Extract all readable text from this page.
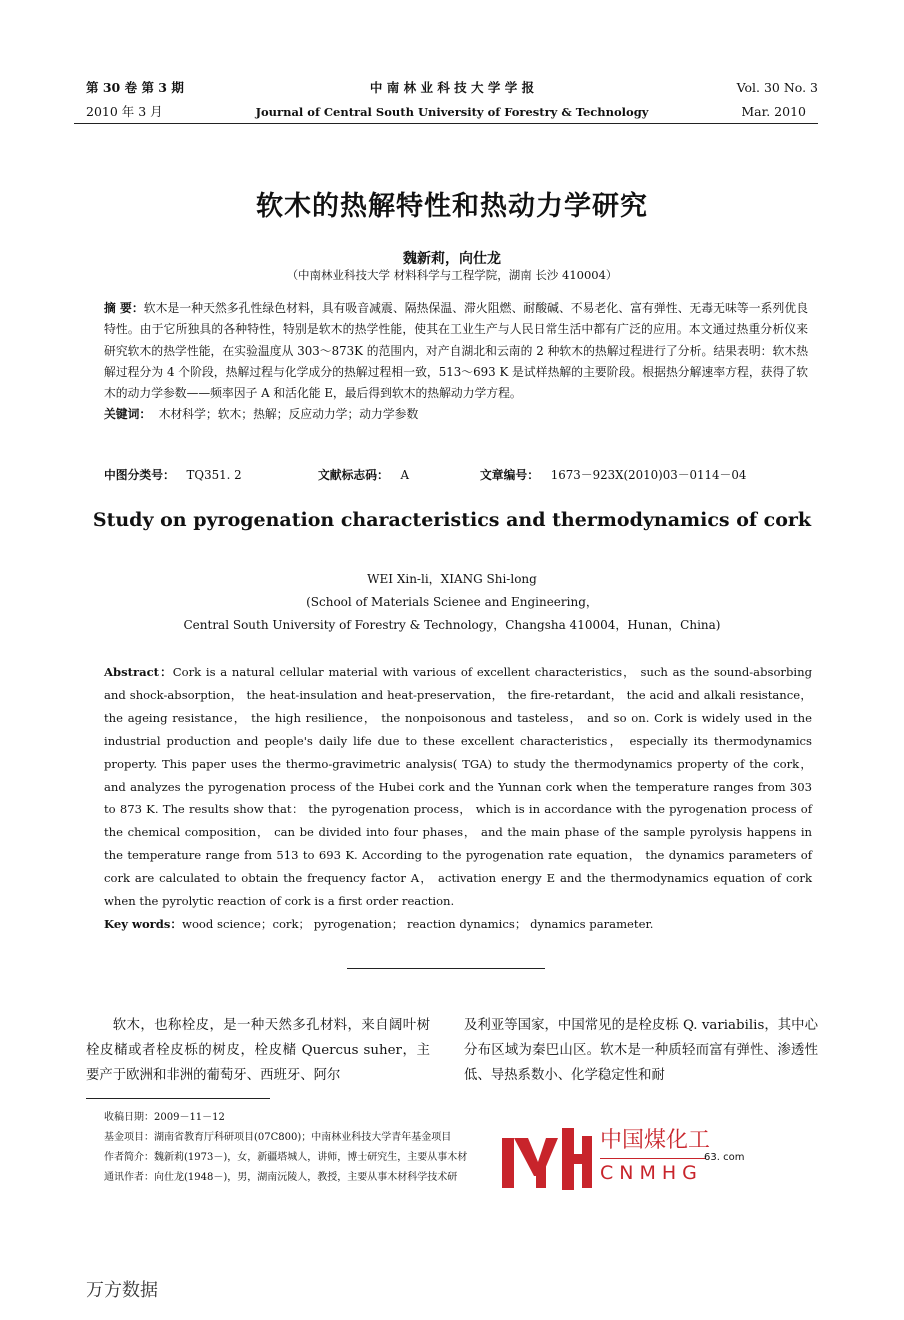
第 30 卷 第 3 期
2010 年 3 月
中 南 林 业 科 技 大 学 学 报
Journal of Central South University of Forestry & Technology
Vol. 30 No. 3
Mar. 2010
软木的热解特性和热动力学研究
魏新莉，向仕龙
（中南林业科技大学 材料科学与工程学院，湖南 长沙 410004）

摘 要：软木是一种天然多孔性绿色材料，具有吸音减震、隔热保温、滞火阻燃、耐酸碱、不易老化、富有弹性、无毒无味等一系列优良特性。由于它所独具的各种特性，特别是软木的热学性能，使其在工业生产与人民日常生活中都有广泛的应用。本文通过热重分析仪来研究软木的热学性能，在实验温度从 303～873K 的范围内，对产自湖北和云南的 2 种软木的热解过程进行了分析。结果表明：软木热解过程分为 4 个阶段，热解过程与化学成分的热解过程相一致，513～693 K 是试样热解的主要阶段。根据热分解速率方程，获得了软木的动力学参数——频率因子 A 和活化能 E，最后得到软木的热解动力学方程。

关键词： 木材科学；软木；热解；反应动力学；动力学参数

中图分类号： TQ351. 2	文献标志码： A	文章编号： 1673－923X(2010)03－0114－04
Study on pyrogenation characteristics and thermodynamics of cork
WEI Xin-li，XIANG Shi-long
(School of Materials Scienee and Engineering，
Central South University of Forestry & Technology，Changsha 410004，Hunan，China)

Abstract：Cork is a natural cellular material with various of excellent characteristics， such as the sound-absorbing and shock-absorption， the heat-insulation and heat-preservation， the fire-retardant， the acid and alkali resistance， the ageing resistance， the high resilience， the nonpoisonous and tasteless， and so on. Cork is widely used in the industrial production and people's daily life due to these excellent characteristics， especially its thermodynamics property. This paper uses the thermo-gravimetric analysis( TGA) to study the thermodynamics property of the cork， and analyzes the pyrogenation process of the Hubei cork and the Yunnan cork when the temperature ranges from 303 to 873 K. The results show that： the pyrogenation process， which is in accordance with the pyrogenation process of the chemical composition， can be divided into four phases， and the main phase of the sample pyrolysis happens in the temperature range from 513 to 693 K. According to the pyrogenation rate equation， the dynamics parameters of cork are calculated to obtain the frequency factor A， activation energy E and the thermodynamics equation of cork when the pyrolytic reaction of cork is a first order reaction.

Key words：wood science；cork； pyrogenation； reaction dynamics； dynamics parameter.

软木，也称栓皮，是一种天然多孔材料，来自阔叶树栓皮槠或者栓皮栎的树皮，栓皮槠 Quercus suher，主要产于欧洲和非洲的葡萄牙、西班牙、阿尔

及利亚等国家，中国常见的是栓皮栎 Q. variabilis，其中心分布区域为秦巴山区。软木是一种质轻而富有弹性、渗透性低、导热系数小、化学稳定性和耐

收稿日期：2009－11－12

基金项目：湖南省教育厅科研项目(07C800)；中南林业科技大学青年基金项目

作者简介：魏新莉(1973－)，女，新疆塔城人，讲师，博士研究生，主要从事木材

通讯作者：向仕龙(1948－)，男，湖南沅陵人，教授，主要从事木材科学技术研

中国煤化工
CNMHG
63. com
万方数据
